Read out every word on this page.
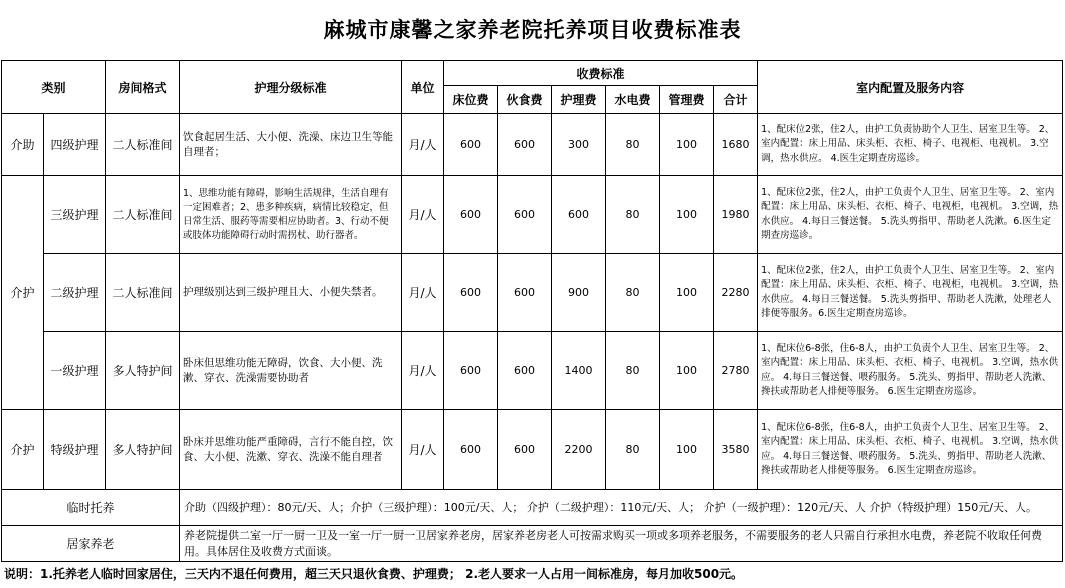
麻城市康馨之家养老院托养项目收费标准表
类别		房间格式	护理分级标准	单位	收费标准						室内配置及服务内容
					床位费	伙食费	护理费	水电费	管理费	合计	
介助	四级护理	二人标准间	饮食起居生活、大小便、洗澡、床边卫生等能自理者；	月/人	600	600	300	80	100	1680	1、配床位2张，住2人，由护工负责协助个人卫生、居室卫生等。 2、室内配置：床上用品、床头柜、衣柜、椅子、电视柜、电视机。 3.空调，热水供应。 4.医生定期查房巡诊。
介护	三级护理	二人标准间	1、思维功能有障碍，影响生活规律，生活自理有一定困难者；2、患多种疾病，病情比较稳定，但日常生活、服药等需要相应协助者。3、行动不便或肢体功能障碍行动时需拐杖、助行器者。	月/人	600	600	600	80	100	1980	1、配床位2张，住2人，由护工负责个人卫生、居室卫生等。 2、室内配置：床上用品、床头柜、衣柜、椅子、电视柜，电视机。 3.空调，热水供应。 4.每日三餐送餐。 5.洗头剪指甲、帮助老人洗漱。6.医生定期查房巡诊。
	二级护理	二人标准间	护理级别达到三级护理且大、小便失禁者。	月/人	600	600	900	80	100	2280	1、配床位2张，住2人，由护工负责个人卫生、居室卫生等。 2、室内配置：床上用品、床头柜、衣柜、椅子、电视柜，电视机。 3.空调，热水供应。 4.每日三餐送餐。 5.洗头剪指甲、帮助老人洗漱，处理老人排便等服务。6.医生定期查房巡诊。
	一级护理	多人特护间	卧床但思维功能无障碍，饮食、大小便、洗漱、穿衣、洗澡需要协助者	月/人	600	600	1400	80	100	2780	1、配床位6-8张，住6-8人，由护工负责个人卫生、居室卫生等。 2、室内配置：床上用品、床头柜、衣柜、椅子、电视机。 3.空调，热水供应。 4.每日三餐送餐、喂药服务。 5.洗头、剪指甲、帮助老人洗漱、搀扶或帮助老人排便等服务。 6.医生定期查房巡诊。
介护	特级护理	多人特护间	卧床并思维功能严重障碍，言行不能自控，饮食、大小便、洗漱、穿衣、洗澡不能自理者	月/人	600	600	2200	80	100	3580	1、配床位6-8张，住6-8人，由护工负责个人卫生、居室卫生等。 2、室内配置：床上用品、床头柜、衣柜、椅子、电视机。 3.空调，热水供应。 4.每日三餐送餐、喂药服务。 5.洗头、剪指甲、帮助老人洗漱、搀扶或帮助老人排便等服务。 6.医生定期查房巡诊。
临时托养			介助（四级护理）：80元/天、人；介护（三级护理）：100元/天、人； 介护（二级护理）：110元/天、人； 介护（一级护理）：120元/天、人 介护（特级护理）150元/天、人。								
居家养老			养老院提供二室一厅一厨一卫及一室一厅一厨一卫居家养老房，居家养老房老人可按需求购买一项或多项养老服务，不需要服务的老人只需自行承担水电费，养老院不收取任何费用。具体居住及收费方式面谈。								
说明：1.托养老人临时回家居住，三天内不退任何费用，超三天只退伙食费、护理费； 2.老人要求一人占用一间标准房，每月加收500元。
